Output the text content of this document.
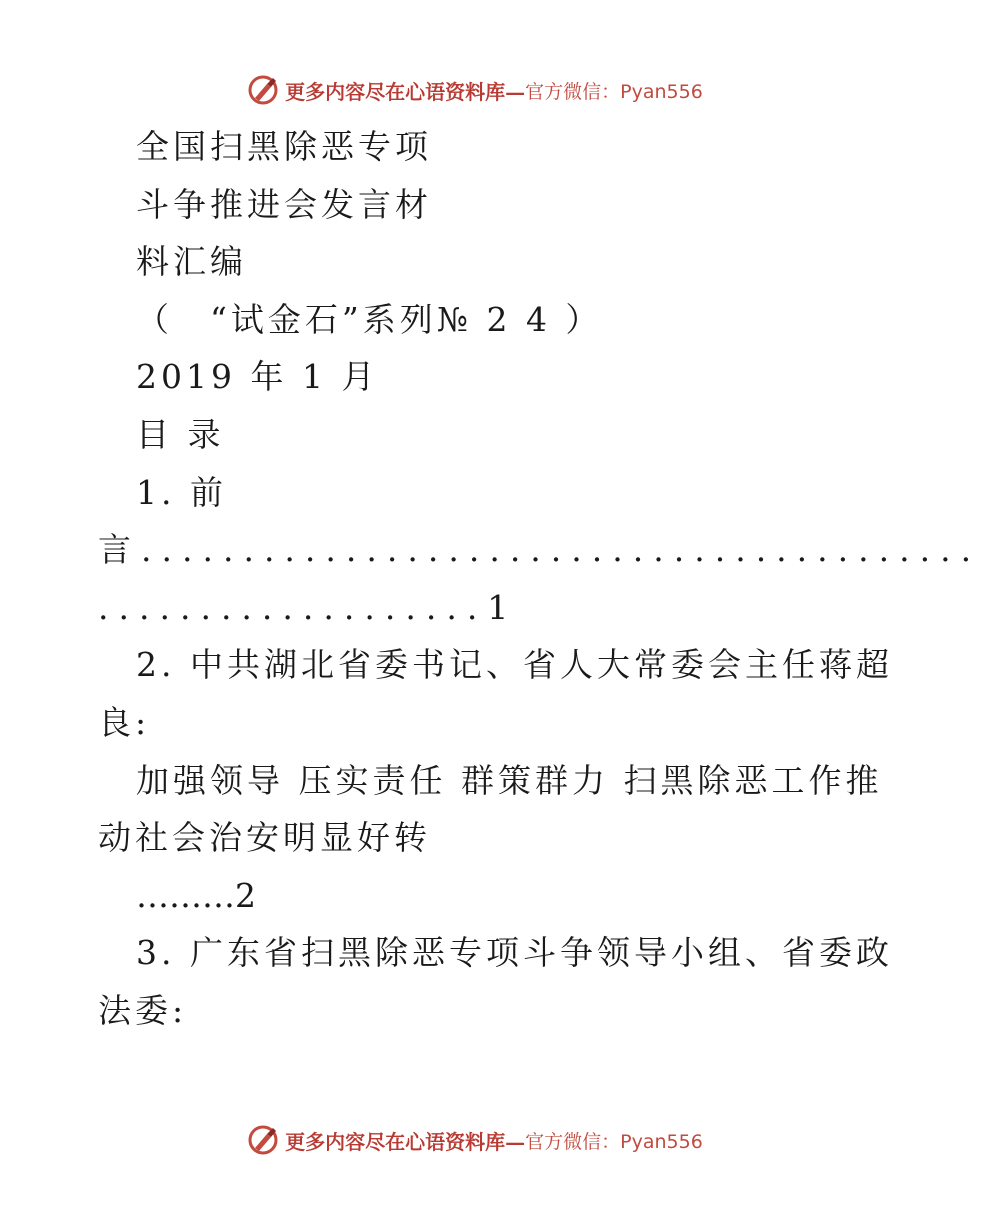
更多内容尽在心语资料库— 官方微信：Pyan556
全国扫黑除恶专项
斗争推进会发言材
料汇编
（　“试金石”系列№ 2 4 ）
2019 年 1 月
目 录
1. 前
言.........................................
...................1
2. 中共湖北省委书记、省人大常委会主任蒋超
良:
加强领导 压实责任 群策群力 扫黑除恶工作推
动社会治安明显好转
………2
3. 广东省扫黑除恶专项斗争领导小组、省委政
法委:
更多内容尽在心语资料库— 官方微信：Pyan556
